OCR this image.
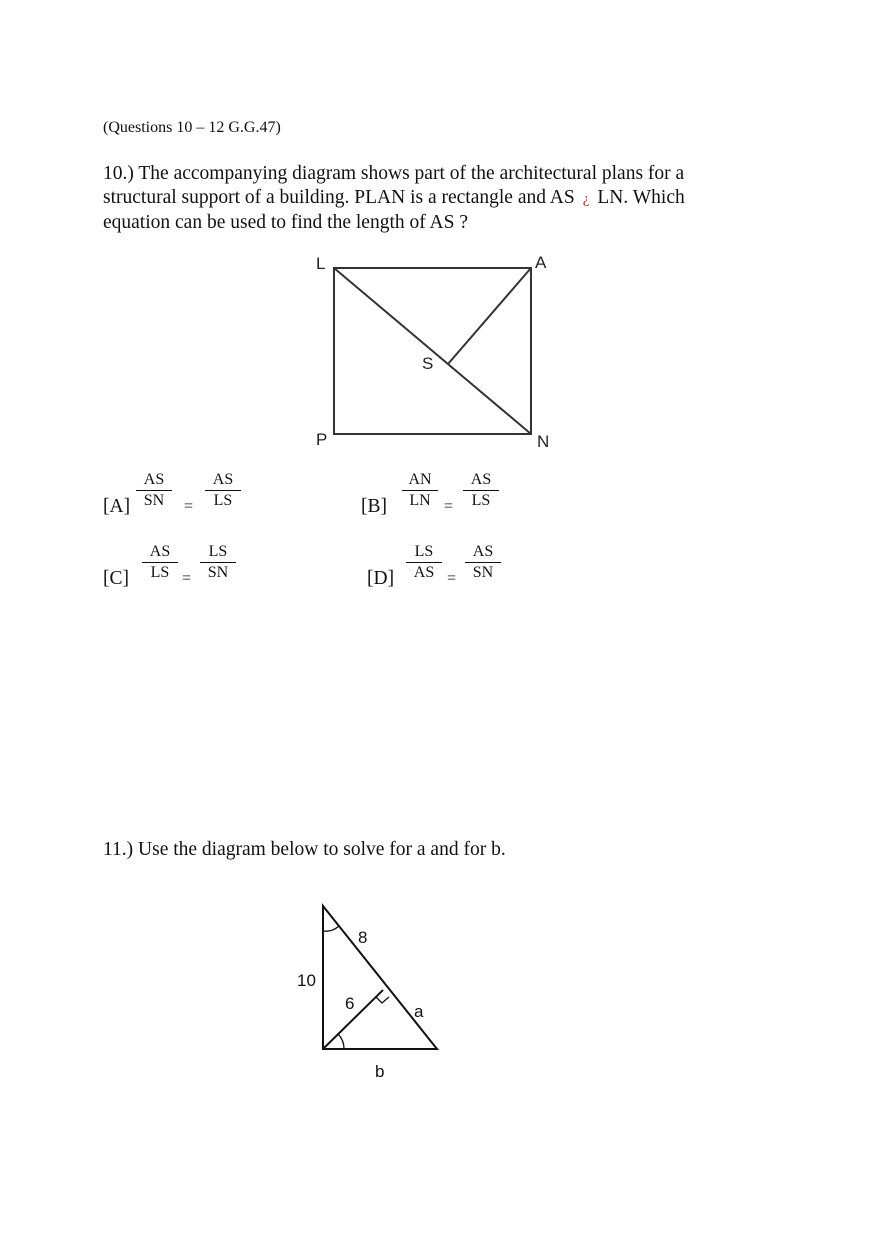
(Questions 10 – 12 G.G.47)
10.) The accompanying diagram shows part of the architectural plans for a
structural support of a building. PLAN is a rectangle and AS ¿ LN. Which
equation can be used to find the length of AS ?
L	A
S
P	N
$[A] \frac{AS}{SN} = \frac{AS}{LS}$	$[B] \frac{AN}{LN} = \frac{AS}{LS}$
$[C] \frac{AS}{LS} = \frac{LS}{SN}$	$[D] \frac{LS}{AS} = \frac{AS}{SN}$
11.) Use the diagram below to solve for a and for b.
8
10
6	a
b
